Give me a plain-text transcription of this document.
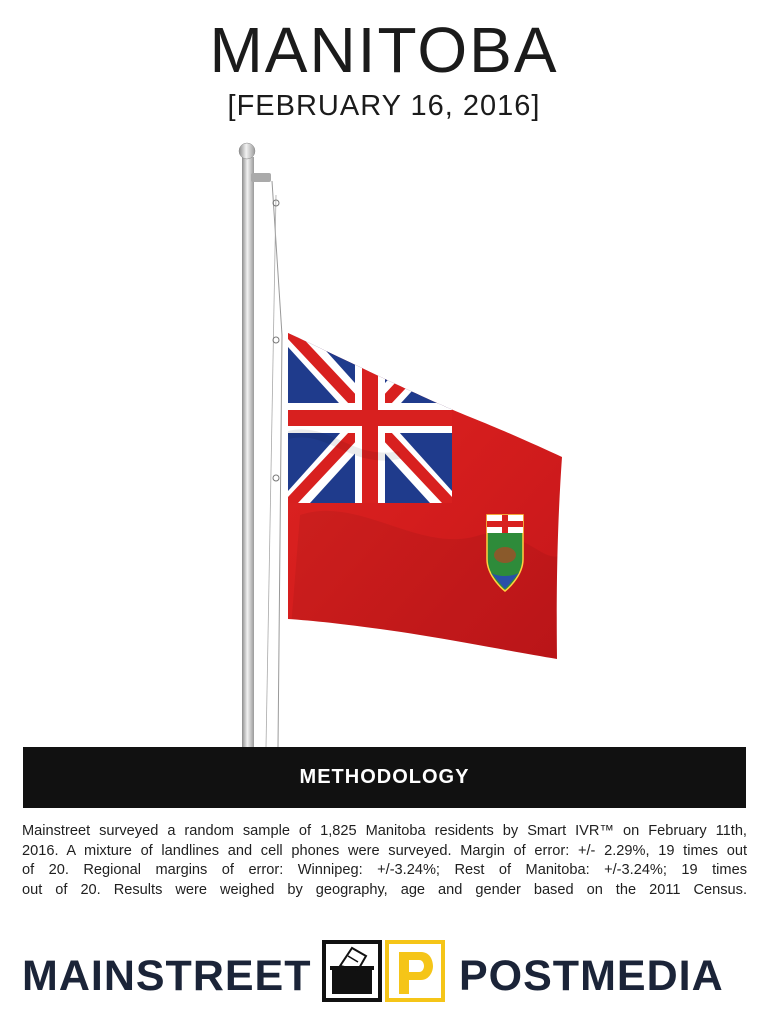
MANITOBA
[FEBRUARY 16, 2016]
METHODOLOGY
Mainstreet surveyed a random sample of 1,825 Manitoba residents by Smart IVR™ on February 11th,
2016. A mixture of landlines and cell phones were surveyed. Margin of error: +/- 2.29%, 19 times out
of 20. Regional margins of error: Winnipeg: +/-3.24%; Rest of Manitoba: +/-3.24%; 19 times
out of 20. Results were weighed by geography, age and gender based on the 2011 Census.
MAINSTREET	POSTMEDIA
